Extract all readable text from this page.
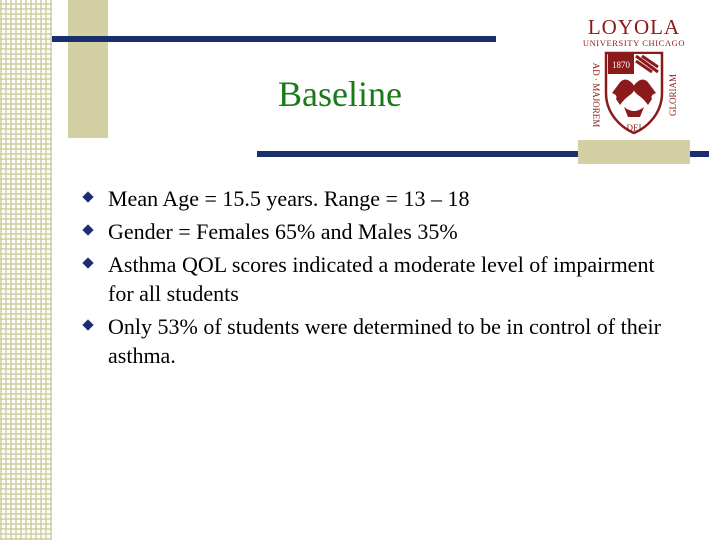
Baseline
LOYOLA
UNIVERSITY CHICAGO
1870
AD · MAJOREM	GLORIAM
DEI
Mean Age = 15.5 years. Range = 13 – 18
Gender = Females 65% and Males 35%
Asthma QOL scores indicated a moderate level of impairment for all students
Only 53% of students were determined to be in control of their asthma.
